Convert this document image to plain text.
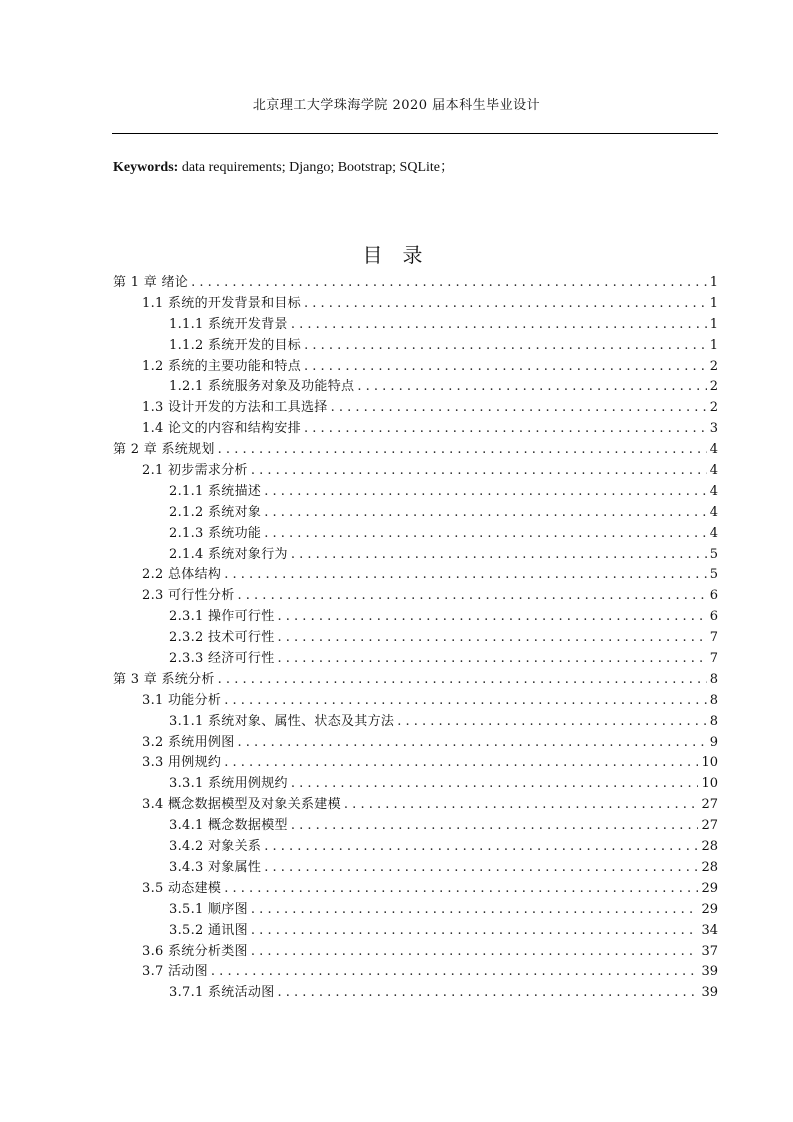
北京理工大学珠海学院 2020 届本科生毕业设计
Keywords: data requirements; Django; Bootstrap; SQLite；
目录
第 1 章 绪论 . . .	1
1.1 系统的开发背景和目标 . . .	1
1.1.1 系统开发背景 . . .	1
1.1.2 系统开发的目标 . . .	1
1.2 系统的主要功能和特点 . . .	2
1.2.1 系统服务对象及功能特点 . . .	2
1.3 设计开发的方法和工具选择 . . .	2
1.4 论文的内容和结构安排 . . .	3
第 2 章 系统规划 . . .	4
2.1 初步需求分析 . . .	4
2.1.1 系统描述 . . .	4
2.1.2 系统对象 . . .	4
2.1.3 系统功能 . . .	4
2.1.4 系统对象行为 . . .	5
2.2 总体结构 . . .	5
2.3 可行性分析 . . .	6
2.3.1 操作可行性 . . .	6
2.3.2 技术可行性 . . .	7
2.3.3 经济可行性 . . .	7
第 3 章 系统分析 . . .	8
3.1 功能分析 . . .	8
3.1.1 系统对象、属性、状态及其方法 . . .	8
3.2 系统用例图 . . .	9
3.3 用例规约 . . .	10
3.3.1 系统用例规约 . . .	10
3.4 概念数据模型及对象关系建模 . . .	27
3.4.1 概念数据模型 . . .	27
3.4.2 对象关系 . . .	28
3.4.3 对象属性 . . .	28
3.5 动态建模 . . .	29
3.5.1 顺序图 . . .	29
3.5.2 通讯图 . . .	34
3.6 系统分析类图 . . .	37
3.7 活动图 . . .	39
3.7.1 系统活动图 . . .	39
